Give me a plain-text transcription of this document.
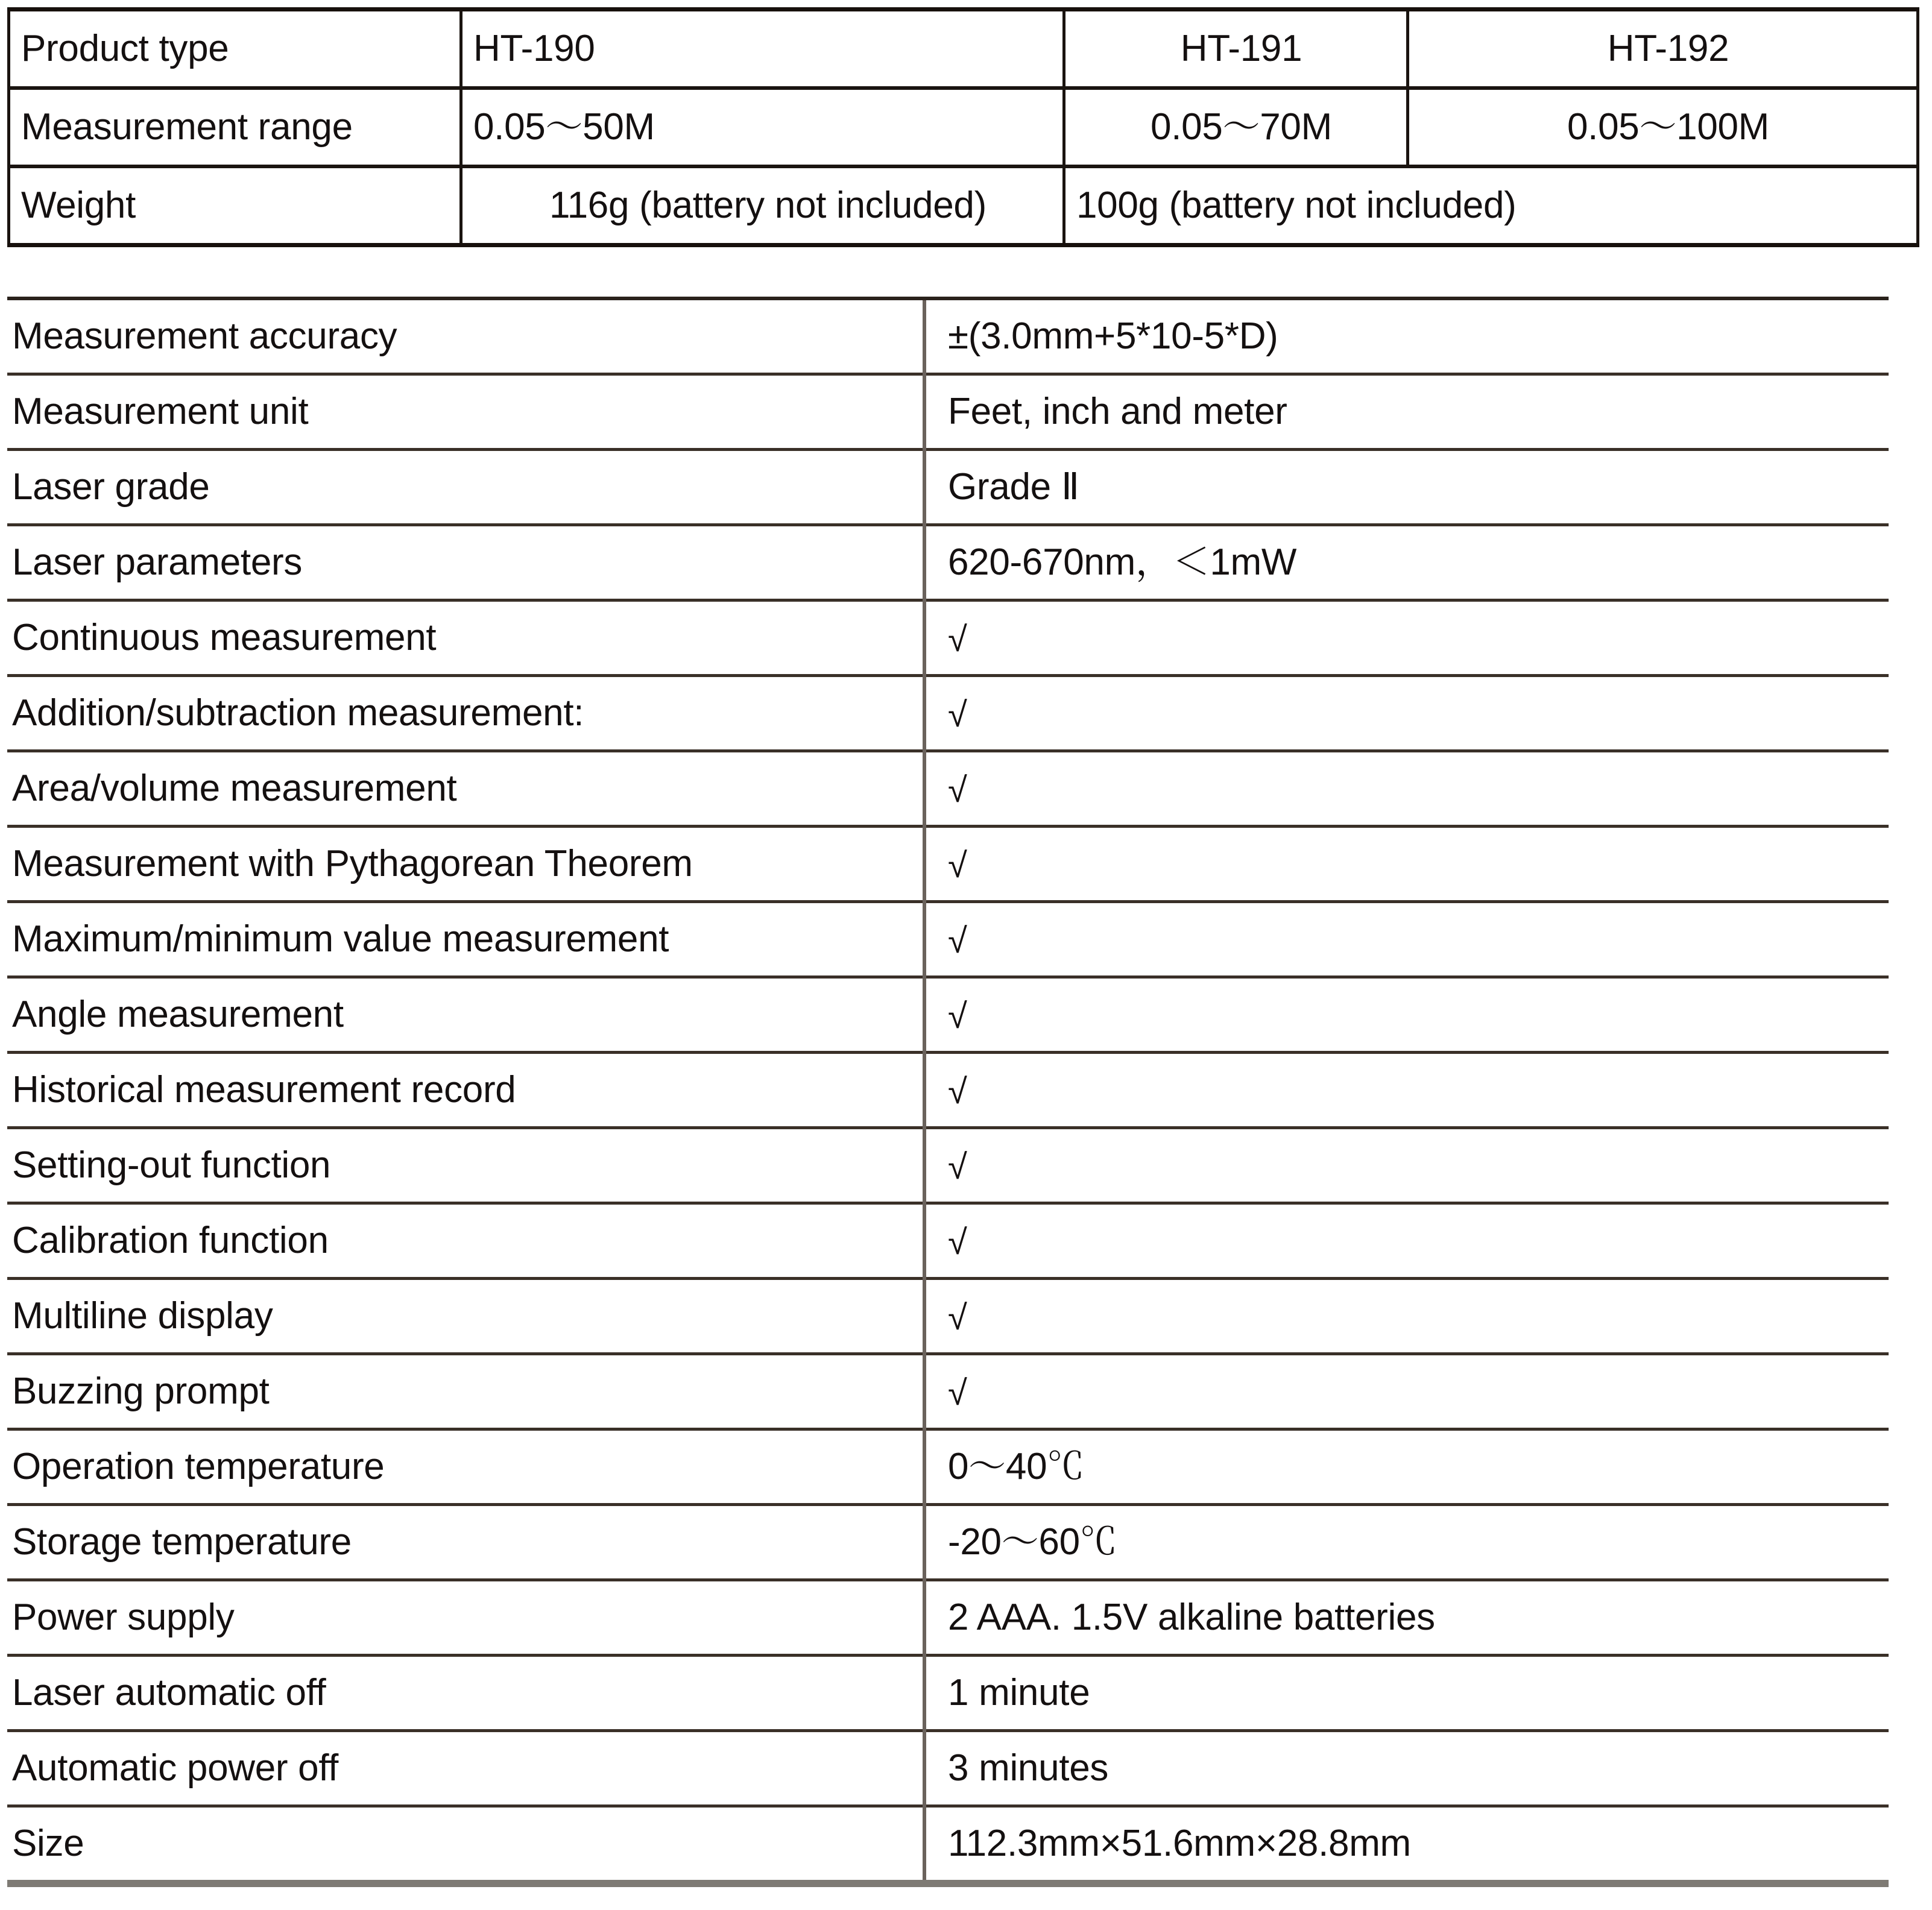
Product type	HT-190	HT-191	HT-192
Measurement range	0.05～50M	0.05～70M	0.05～100M
Weight	116g (battery not included)	100g (battery not included)	
Measurement accuracy	±(3.0mm+5*10-5*D)
Measurement unit	Feet, inch and meter
Laser grade	Grade Ⅱ
Laser parameters	620-670nm，＜1mW
Continuous measurement	√
Addition/subtraction measurement:	√
Area/volume measurement	√
Measurement with Pythagorean Theorem	√
Maximum/minimum value measurement	√
Angle measurement	√
Historical measurement record	√
Setting-out function	√
Calibration function	√
Multiline display	√
Buzzing prompt	√
Operation temperature	0～40℃
Storage temperature	-20～60℃
Power supply	2 AAA. 1.5V alkaline batteries
Laser automatic off	1 minute
Automatic power off	3 minutes
Size	112.3mm×51.6mm×28.8mm
